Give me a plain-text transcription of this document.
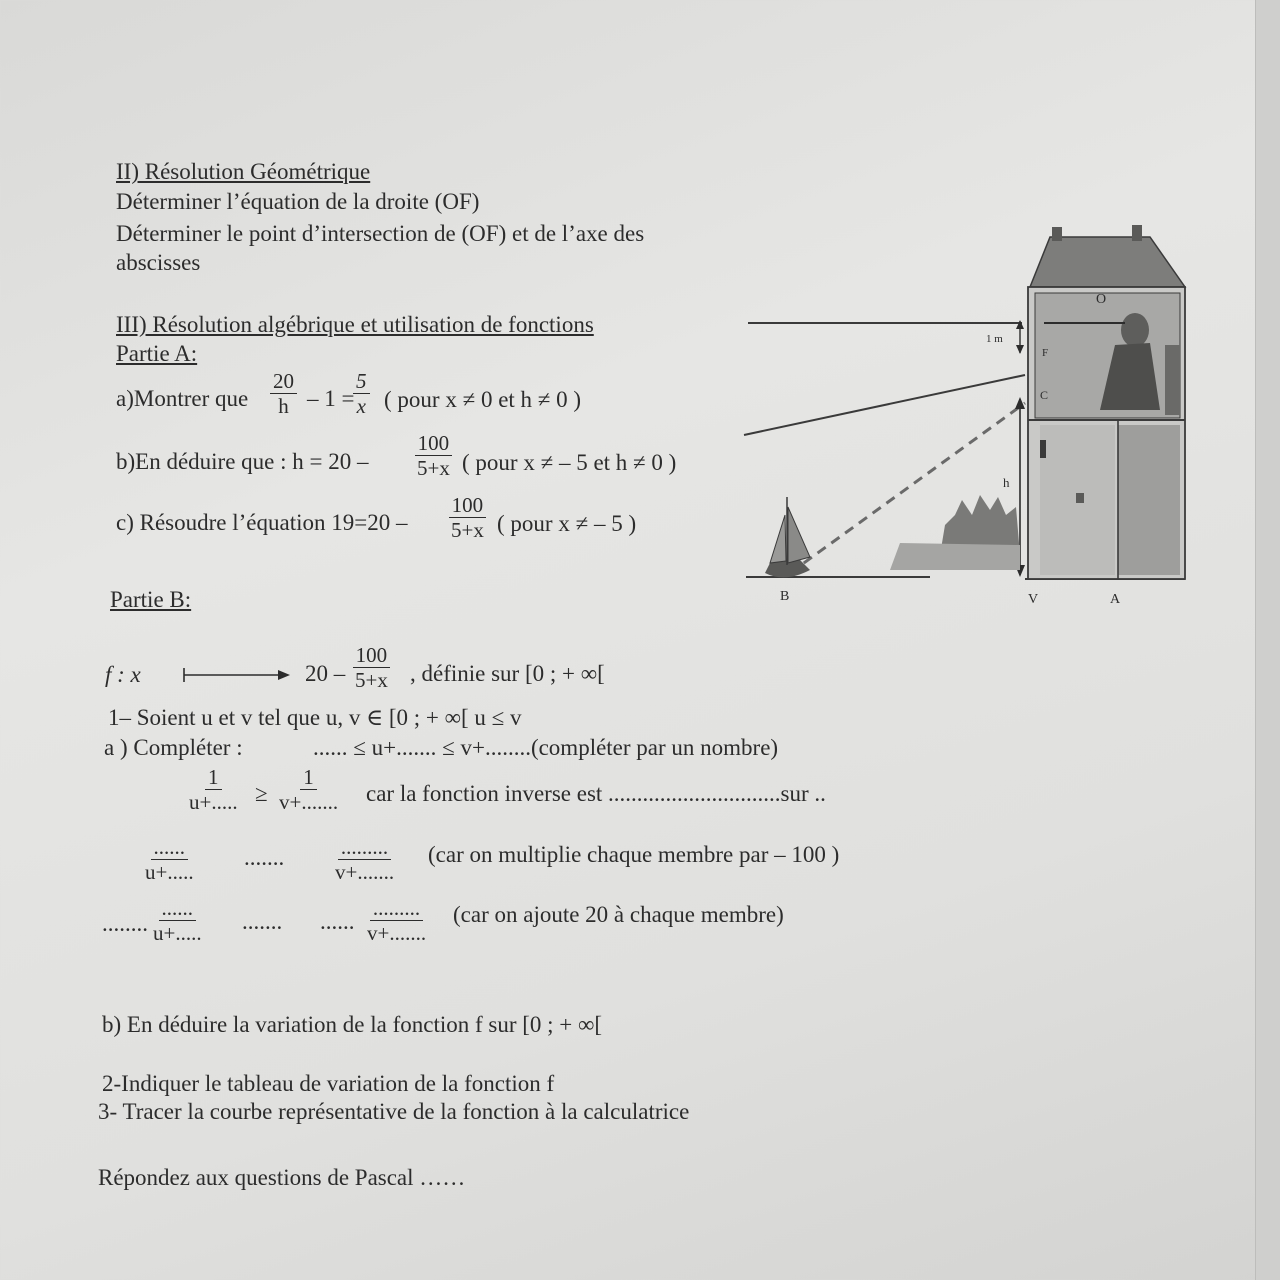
II) Résolution Géométrique
Déterminer l’équation de la droite (OF)
Déterminer le point d’intersection de (OF) et de l’axe des
abscisses
III) Résolution algébrique et utilisation de fonctions
Partie A:
a)Montrer que $\frac{20}{h} - 1$ =
$\frac{5}{x}$ ( pour x ≠ 0 et h ≠ 0 )
b)En déduire que : $h = 20 - \frac{100}{5+x}$ ( pour x ≠ – 5 et h ≠ 0 )
c) Résoudre l’équation $19=20 - \frac{100}{5+x}$ ( pour x ≠ – 5 )
Partie B:
f : x	$20 - \frac{100}{5+x}$ , définie sur [0 ; + ∞[
1– Soient u et v tel que u, v ∈ [0 ; + ∞[ u ≤ v
a ) Compléter :	...... ≤ u+....... ≤ v+........(compléter par un nombre)
$\frac{1}{u+.....} \ge \frac{1}{v+.......}$ car la fonction inverse est ..............................sur ..
......
u+.....
.......	.........
v+.......
(car on multiplie chaque membre par – 100 )
........
......
u+..... ....... ......
.........
v+.......
(car on ajoute 20 à chaque membre)
b) En déduire la variation de la fonction f sur [0 ; + ∞[
2-Indiquer le tableau de variation de la fonction f
3- Tracer la courbe représentative de la fonction à la calculatrice
Répondez aux questions de Pascal ……
O
F
C
1 m
h
B	V	A
